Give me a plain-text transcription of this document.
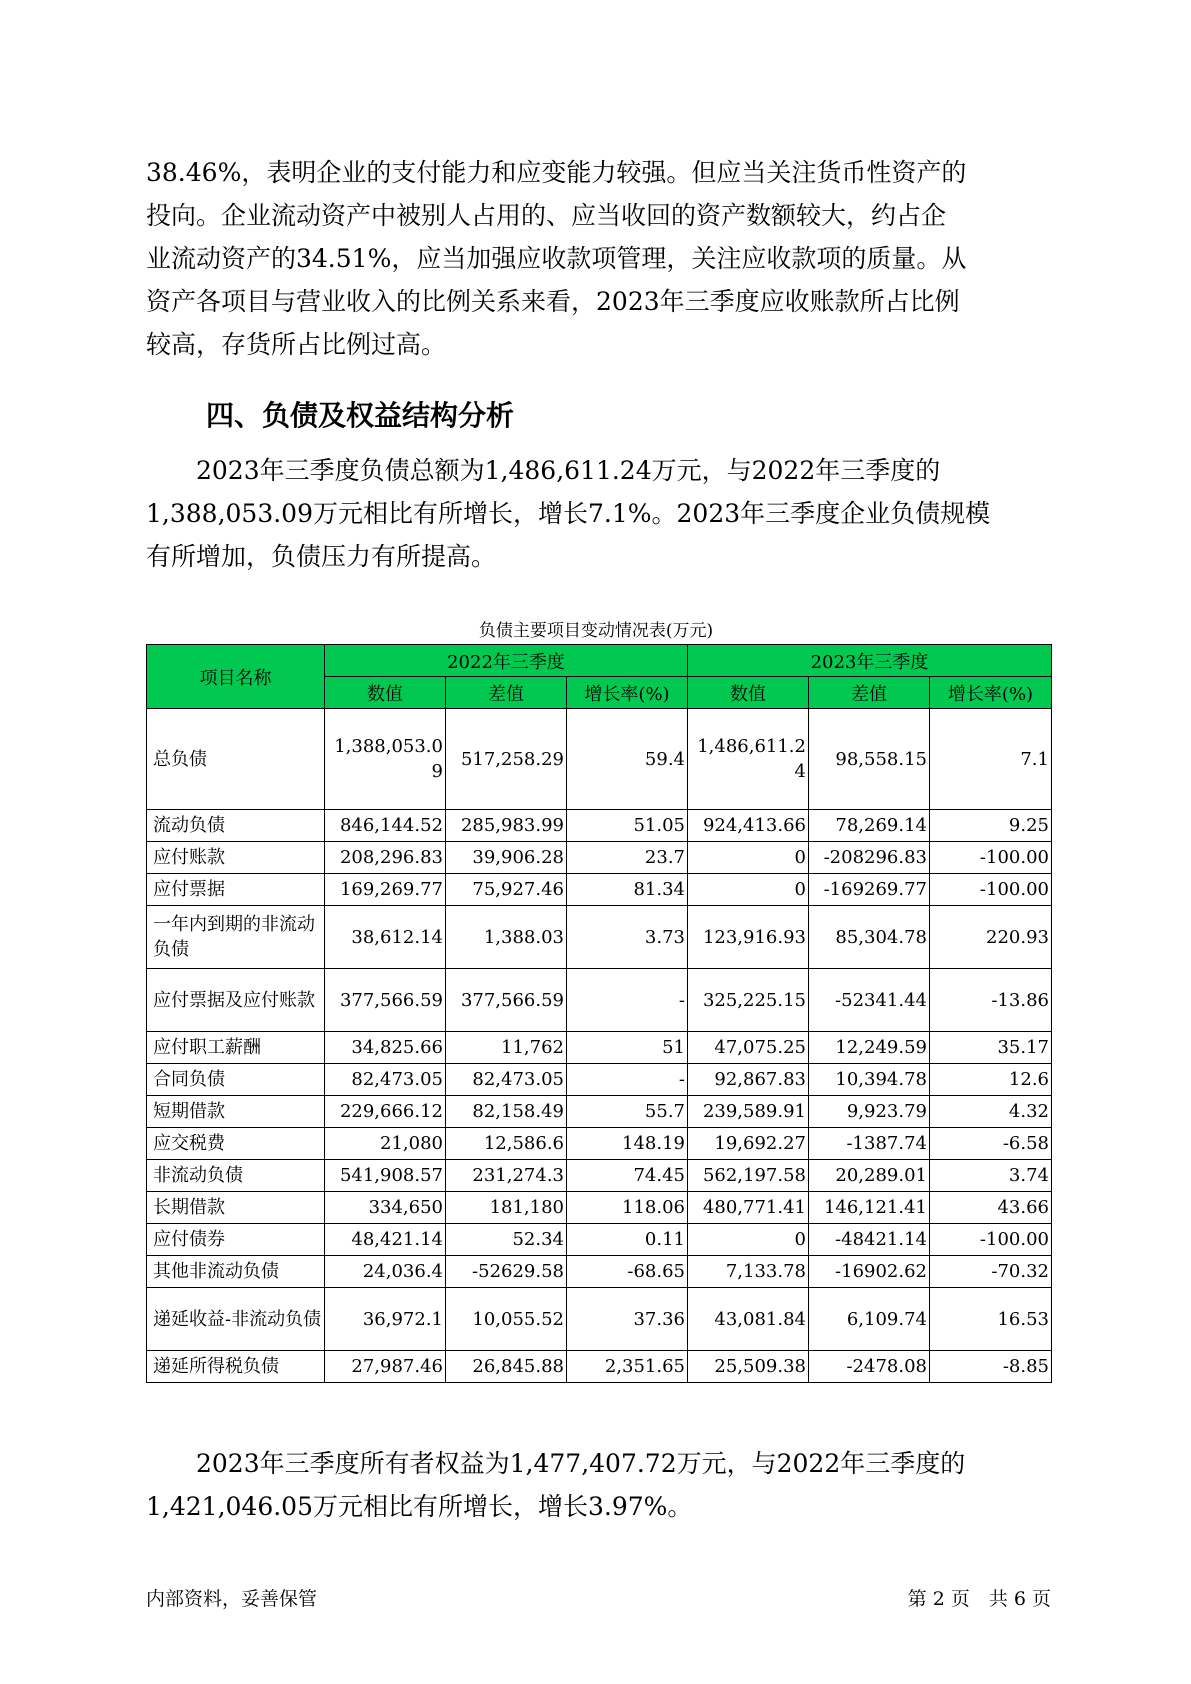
38.46%，表明企业的支付能力和应变能力较强。但应当关注货币性资产的
投向。企业流动资产中被别人占用的、应当收回的资产数额较大，约占企
业流动资产的34.51%，应当加强应收款项管理，关注应收款项的质量。从
资产各项目与营业收入的比例关系来看，2023年三季度应收账款所占比例
较高，存货所占比例过高。
四、负债及权益结构分析
　　2023年三季度负债总额为1,486,611.24万元，与2022年三季度的
1,388,053.09万元相比有所增长，增长7.1%。2023年三季度企业负债规模
有所增加，负债压力有所提高。

负债主要项目变动情况表(万元)

项目名称	2022年三季度			2023年三季度		
	数值	差值	增长率(%)	数值	差值	增长率(%)
总负债	1,388,053.09	517,258.29	59.4	1,486,611.24	98,558.15	7.1
流动负债	846,144.52	285,983.99	51.05	924,413.66	78,269.14	9.25
应付账款	208,296.83	39,906.28	23.7	0	-208296.83	-100.00
应付票据	169,269.77	75,927.46	81.34	0	-169269.77	-100.00
一年内到期的非流动负债	38,612.14	1,388.03	3.73	123,916.93	85,304.78	220.93
应付票据及应付账款	377,566.59	377,566.59	-	325,225.15	-52341.44	-13.86
应付职工薪酬	34,825.66	11,762	51	47,075.25	12,249.59	35.17
合同负债	82,473.05	82,473.05	-	92,867.83	10,394.78	12.6
短期借款	229,666.12	82,158.49	55.7	239,589.91	9,923.79	4.32
应交税费	21,080	12,586.6	148.19	19,692.27	-1387.74	-6.58
非流动负债	541,908.57	231,274.3	74.45	562,197.58	20,289.01	3.74
长期借款	334,650	181,180	118.06	480,771.41	146,121.41	43.66
应付债券	48,421.14	52.34	0.11	0	-48421.14	-100.00
其他非流动负债	24,036.4	-52629.58	-68.65	7,133.78	-16902.62	-70.32
递延收益-非流动负债	36,972.1	10,055.52	37.36	43,081.84	6,109.74	16.53
递延所得税负债	27,987.46	26,845.88	2,351.65	25,509.38	-2478.08	-8.85
　　2023年三季度所有者权益为1,477,407.72万元，与2022年三季度的
1,421,046.05万元相比有所增长，增长3.97%。

内部资料，妥善保管	第 2 页　共 6 页
